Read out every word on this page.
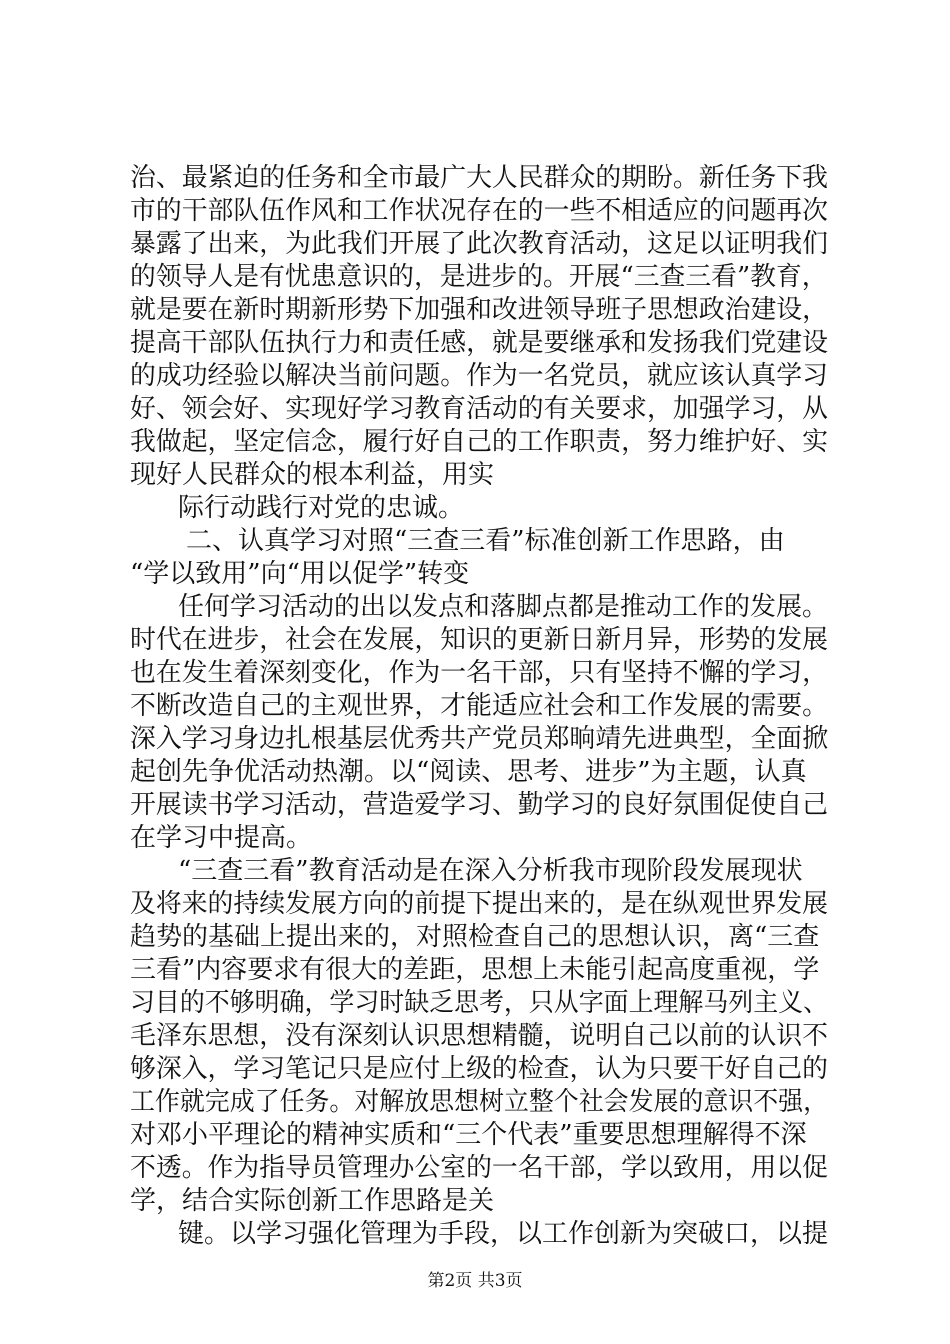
治、最紧迫的任务和全市最广大人民群众的期盼。新任务下我
市的干部队伍作风和工作状况存在的一些不相适应的问题再次
暴露了出来，为此我们开展了此次教育活动，这足以证明我们
的领导人是有忧患意识的，是进步的。开展“三查三看”教育，
就是要在新时期新形势下加强和改进领导班子思想政治建设，
提高干部队伍执行力和责任感，就是要继承和发扬我们党建设
的成功经验以解决当前问题。作为一名党员，就应该认真学习
好、领会好、实现好学习教育活动的有关要求，加强学习，从
我做起，坚定信念，履行好自己的工作职责，努力维护好、实
现好人民群众的根本利益，用实
际行动践行对党的忠诚。
二、认真学习对照“三查三看”标准创新工作思路，由
“学以致用”向“用以促学”转变
任何学习活动的出以发点和落脚点都是推动工作的发展。
时代在进步，社会在发展，知识的更新日新月异，形势的发展
也在发生着深刻变化，作为一名干部，只有坚持不懈的学习，
不断改造自己的主观世界，才能适应社会和工作发展的需要。
深入学习身边扎根基层优秀共产党员郑晌靖先进典型，全面掀
起创先争优活动热潮。以“阅读、思考、进步”为主题，认真
开展读书学习活动，营造爱学习、勤学习的良好氛围促使自己
在学习中提高。
“三查三看”教育活动是在深入分析我市现阶段发展现状
及将来的持续发展方向的前提下提出来的，是在纵观世界发展
趋势的基础上提出来的，对照检查自己的思想认识，离“三查
三看”内容要求有很大的差距，思想上未能引起高度重视，学
习目的不够明确，学习时缺乏思考，只从字面上理解马列主义、
毛泽东思想，没有深刻认识思想精髓，说明自己以前的认识不
够深入，学习笔记只是应付上级的检查，认为只要干好自己的
工作就完成了任务。对解放思想树立整个社会发展的意识不强，
对邓小平理论的精神实质和“三个代表”重要思想理解得不深
不透。作为指导员管理办公室的一名干部，学以致用，用以促
学，结合实际创新工作思路是关
键。以学习强化管理为手段，以工作创新为突破口，以提
第2页 共3页
